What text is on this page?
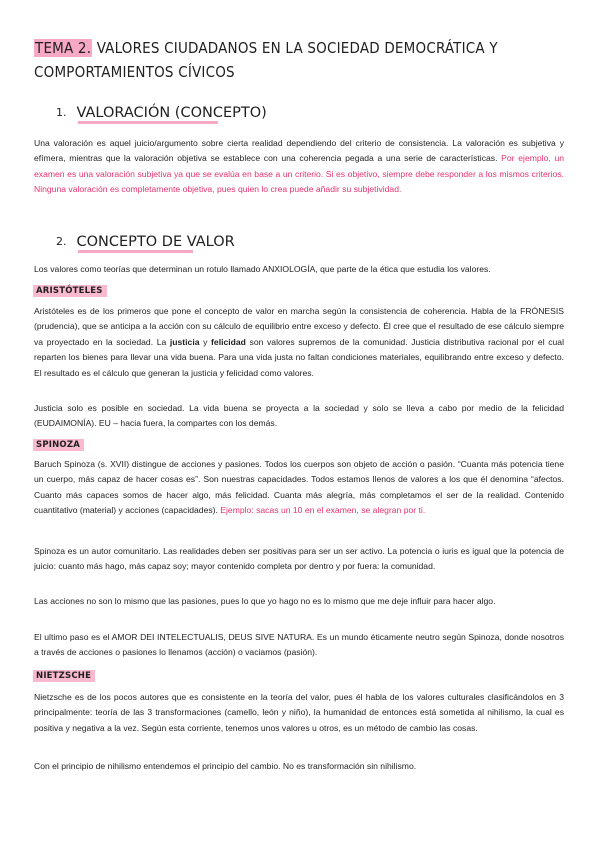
TEMA 2. VALORES CIUDADANOS EN LA SOCIEDAD DEMOCRÁTICA Y
COMPORTAMIENTOS CÍVICOS
1. VALORACIÓN (CONCEPTO)
Una valoración es aquel juicio/argumento sobre cierta realidad dependiendo del criterio de consistencia. La valoración es subjetiva y efímera, mientras que la valoración objetiva se establece con una coherencia pegada a una serie de características. Por ejemplo, un examen es una valoración subjetiva ya que se evalúa en base a un criterio. Si es objetivo, siempre debe responder a los mismos criterios. Ninguna valoración es completamente objetiva, pues quien lo crea puede añadir su subjetividad.
2. CONCEPTO DE VALOR
Los valores como teorías que determinan un rotulo llamado ANXIOLOGÍA, que parte de la ética que estudia los valores.
ARISTÓTELES
Aristóteles es de los primeros que pone el concepto de valor en marcha según la consistencia de coherencia. Habla de la FRÓNESIS (prudencia), que se anticipa a la acción con su cálculo de equilibrio entre exceso y defecto. Él cree que el resultado de ese cálculo siempre va proyectado en la sociedad. La justicia y felicidad son valores supremos de la comunidad. Justicia distributiva racional por el cual reparten los bienes para llevar una vida buena. Para una vida justa no faltan condiciones materiales, equilibrando entre exceso y defecto. El resultado es el cálculo que generan la justicia y felicidad como valores.
Justicia solo es posible en sociedad. La vida buena se proyecta a la sociedad y solo se lleva a cabo por medio de la felicidad (EUDAIMONÍA). EU – hacia fuera, la compartes con los demás.
SPINOZA
Baruch Spinoza (s. XVII) distingue de acciones y pasiones. Todos los cuerpos son objeto de acción o pasión. “Cuanta más potencia tiene un cuerpo, más capaz de hacer cosas es”. Son nuestras capacidades. Todos estamos llenos de valores a los que él denomina “afectos. Cuanto más capaces somos de hacer algo, más felicidad. Cuanta más alegría, más completamos el ser de la realidad. Contenido cuantitativo (material) y acciones (capacidades). Ejemplo: sacas un 10 en el examen, se alegran por ti.
Spinoza es un autor comunitario. Las realidades deben ser positivas para ser un ser activo. La potencia o iuris es igual que la potencia de juicio: cuanto más hago, más capaz soy; mayor contenido completa por dentro y por fuera: la comunidad.
Las acciones no son lo mismo que las pasiones, pues lo que yo hago no es lo mismo que me deje influir para hacer algo.
El ultimo paso es el AMOR DEI INTELECTUALIS, DEUS SIVE NATURA. Es un mundo éticamente neutro según Spinoza, donde nosotros a través de acciones o pasiones lo llenamos (acción) o vaciamos (pasión).
NIETZSCHE
Nietzsche es de los pocos autores que es consistente en la teoría del valor, pues él habla de los valores culturales clasificándolos en 3 principalmente: teoría de las 3 transformaciones (camello, león y niño), la humanidad de entonces está sometida al nihilismo, la cual es positiva y negativa a la vez. Según esta corriente, tenemos unos valores u otros, es un método de cambio las cosas.
Con el principio de nihilismo entendemos el principio del cambio. No es transformación sin nihilismo.
